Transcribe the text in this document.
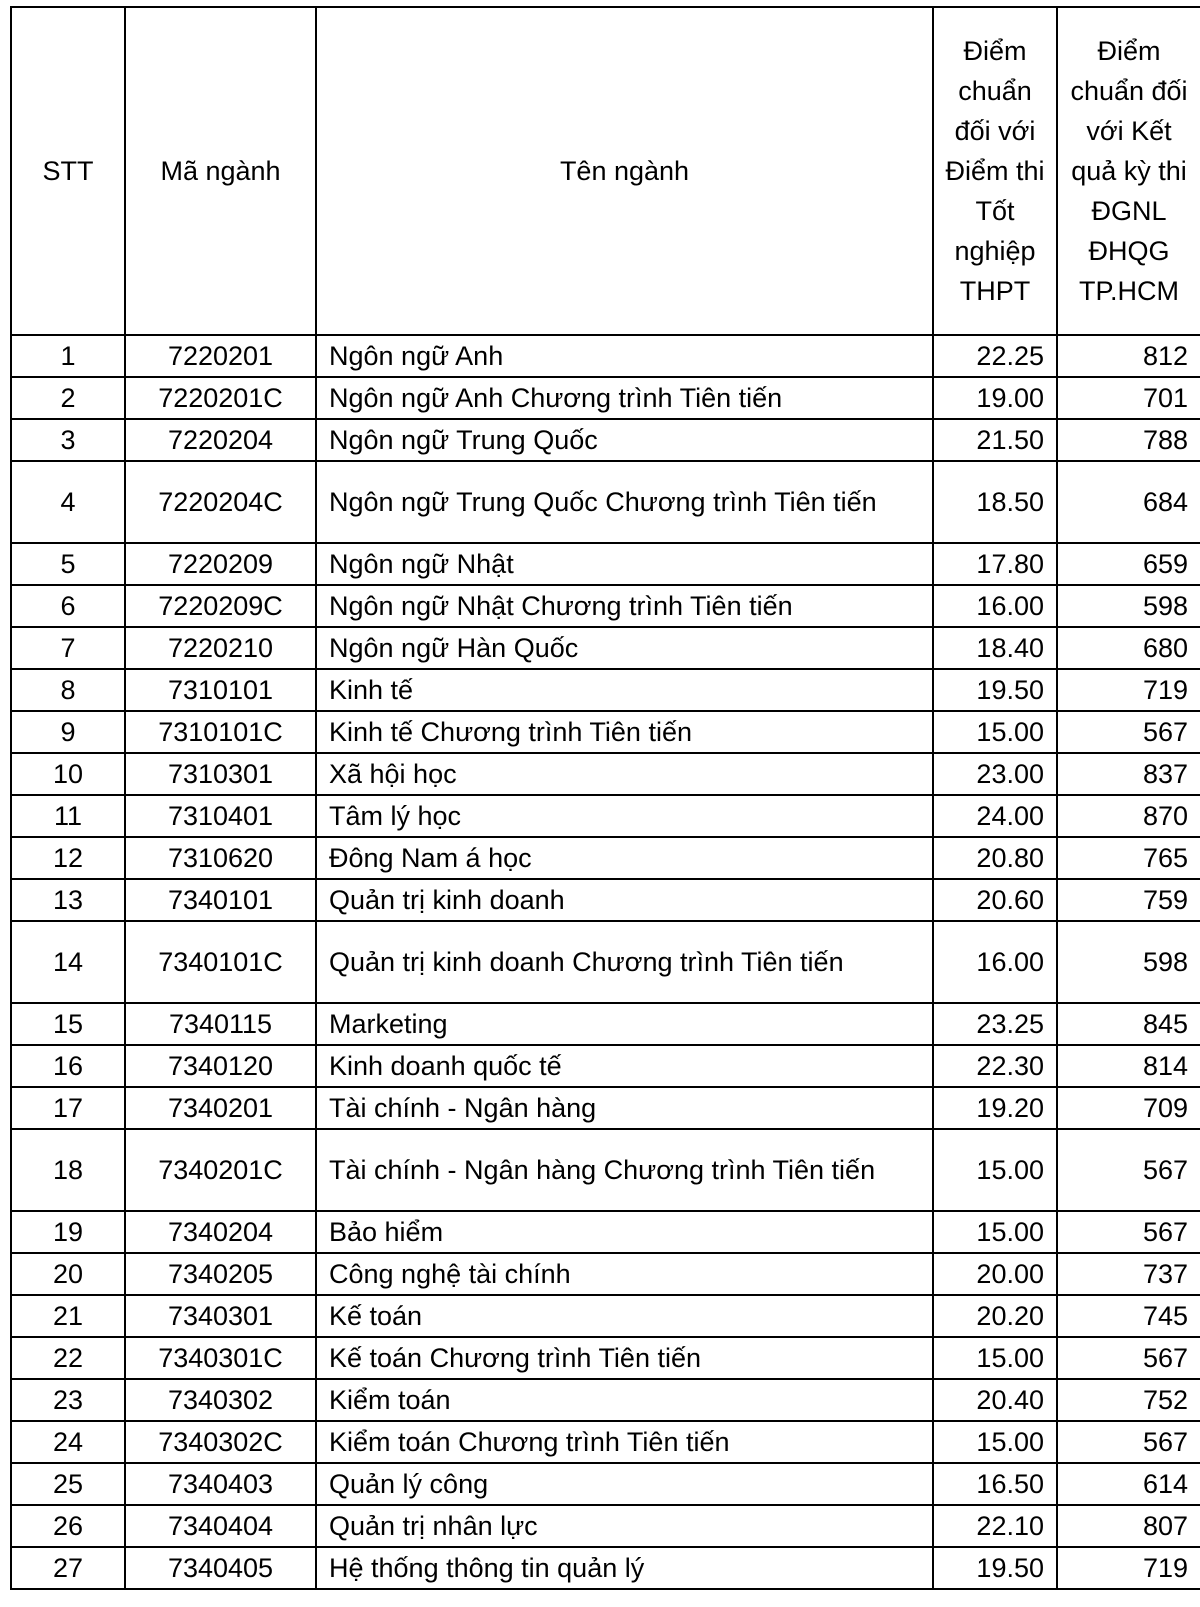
STT	Mã ngành	Tên ngành	Điểm chuẩn đối với Điểm thi Tốt nghiệp THPT	Điểm chuẩn đối với Kết quả kỳ thi ĐGNL ĐHQG TP.HCM
1	7220201	Ngôn ngữ Anh	22.25	812
2	7220201C	Ngôn ngữ Anh Chương trình Tiên tiến	19.00	701
3	7220204	Ngôn ngữ Trung Quốc	21.50	788
4	7220204C	Ngôn ngữ Trung Quốc Chương trình Tiên tiến	18.50	684
5	7220209	Ngôn ngữ Nhật	17.80	659
6	7220209C	Ngôn ngữ Nhật Chương trình Tiên tiến	16.00	598
7	7220210	Ngôn ngữ Hàn Quốc	18.40	680
8	7310101	Kinh tế	19.50	719
9	7310101C	Kinh tế Chương trình Tiên tiến	15.00	567
10	7310301	Xã hội học	23.00	837
11	7310401	Tâm lý học	24.00	870
12	7310620	Đông Nam á học	20.80	765
13	7340101	Quản trị kinh doanh	20.60	759
14	7340101C	Quản trị kinh doanh Chương trình Tiên tiến	16.00	598
15	7340115	Marketing	23.25	845
16	7340120	Kinh doanh quốc tế	22.30	814
17	7340201	Tài chính - Ngân hàng	19.20	709
18	7340201C	Tài chính - Ngân hàng Chương trình Tiên tiến	15.00	567
19	7340204	Bảo hiểm	15.00	567
20	7340205	Công nghệ tài chính	20.00	737
21	7340301	Kế toán	20.20	745
22	7340301C	Kế toán Chương trình Tiên tiến	15.00	567
23	7340302	Kiểm toán	20.40	752
24	7340302C	Kiểm toán Chương trình Tiên tiến	15.00	567
25	7340403	Quản lý công	16.50	614
26	7340404	Quản trị nhân lực	22.10	807
27	7340405	Hệ thống thông tin quản lý	19.50	719
